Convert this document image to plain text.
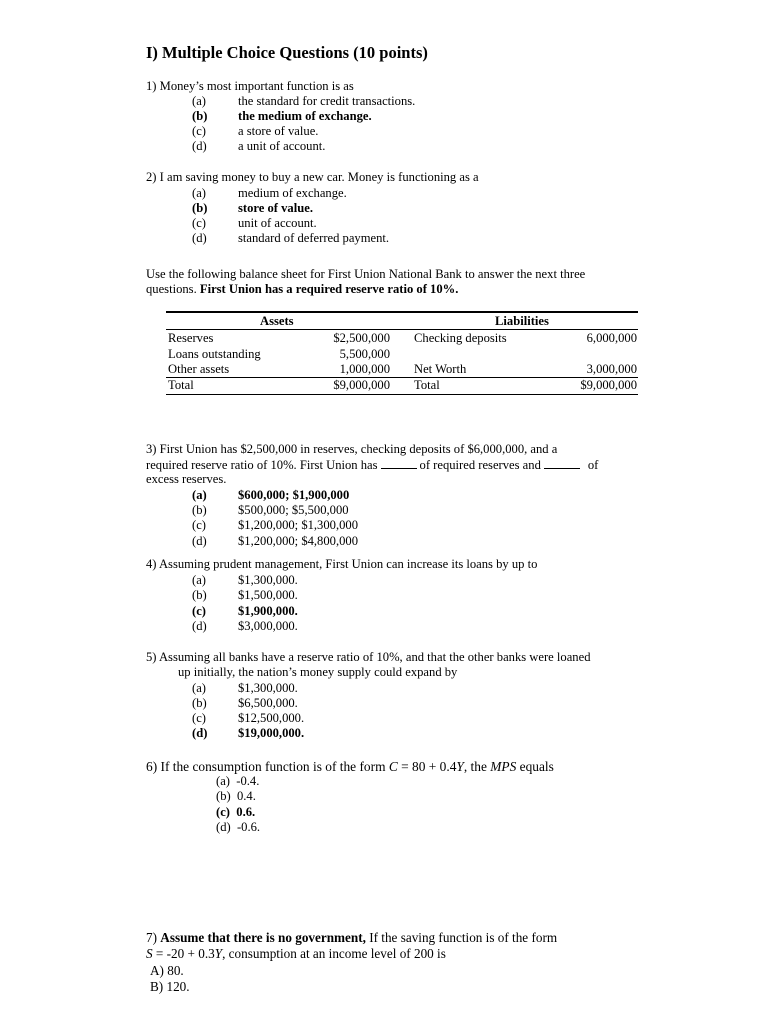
I) Multiple Choice Questions (10 points)
1) Money’s most important function is as
(a)	the standard for credit transactions.
(b) the medium of exchange.
(c)	a store of value.
(d) a unit of account.
2) I am saving money to buy a new car. Money is functioning as a
(a)	medium of exchange.
(b) store of value.
(c)	unit of account.
(d) standard of deferred payment.
Use the following balance sheet for First Union National Bank to answer the next three
questions. First Union has a required reserve ratio of 10%.
Assets	Liabilities
Reserves	$2,500,000 Checking deposits	6,000,000
Loans outstanding	5,500,000
Other assets	1,000,000 Net Worth	3,000,000
Total	$9,000,000 Total	$9,000,000
3) First Union has $2,500,000 in reserves, checking deposits of $6,000,000, and a
required reserve ratio of 10%. First Union has	of required reserves and	of
excess reserves.
(a) $600,000; $1,900,000
(b) $500,000; $5,500,000
(c)	$1,200,000; $1,300,000
(d) $1,200,000; $4,800,000
4) Assuming prudent management, First Union can increase its loans by up to
(a)	$1,300,000.
(b) $1,500,000.
(c)	$1,900,000.
(d) $3,000,000.
5) Assuming all banks have a reserve ratio of 10%, and that the other banks were loaned
up initially, the nation’s money supply could expand by
(a)	$1,300,000.
(b) $6,500,000.
(c)	$12,500,000.
(d) $19,000,000.
6) If the consumption function is of the form C = 80 + 0.4Y, the MPS equals
(a) -0.4.
(b) 0.4.
(c) 0.6.
(d) -0.6.
7) Assume that there is no government, If the saving function is of the form
S = -20 + 0.3Y, consumption at an income level of 200 is
A) 80.
B) 120.
